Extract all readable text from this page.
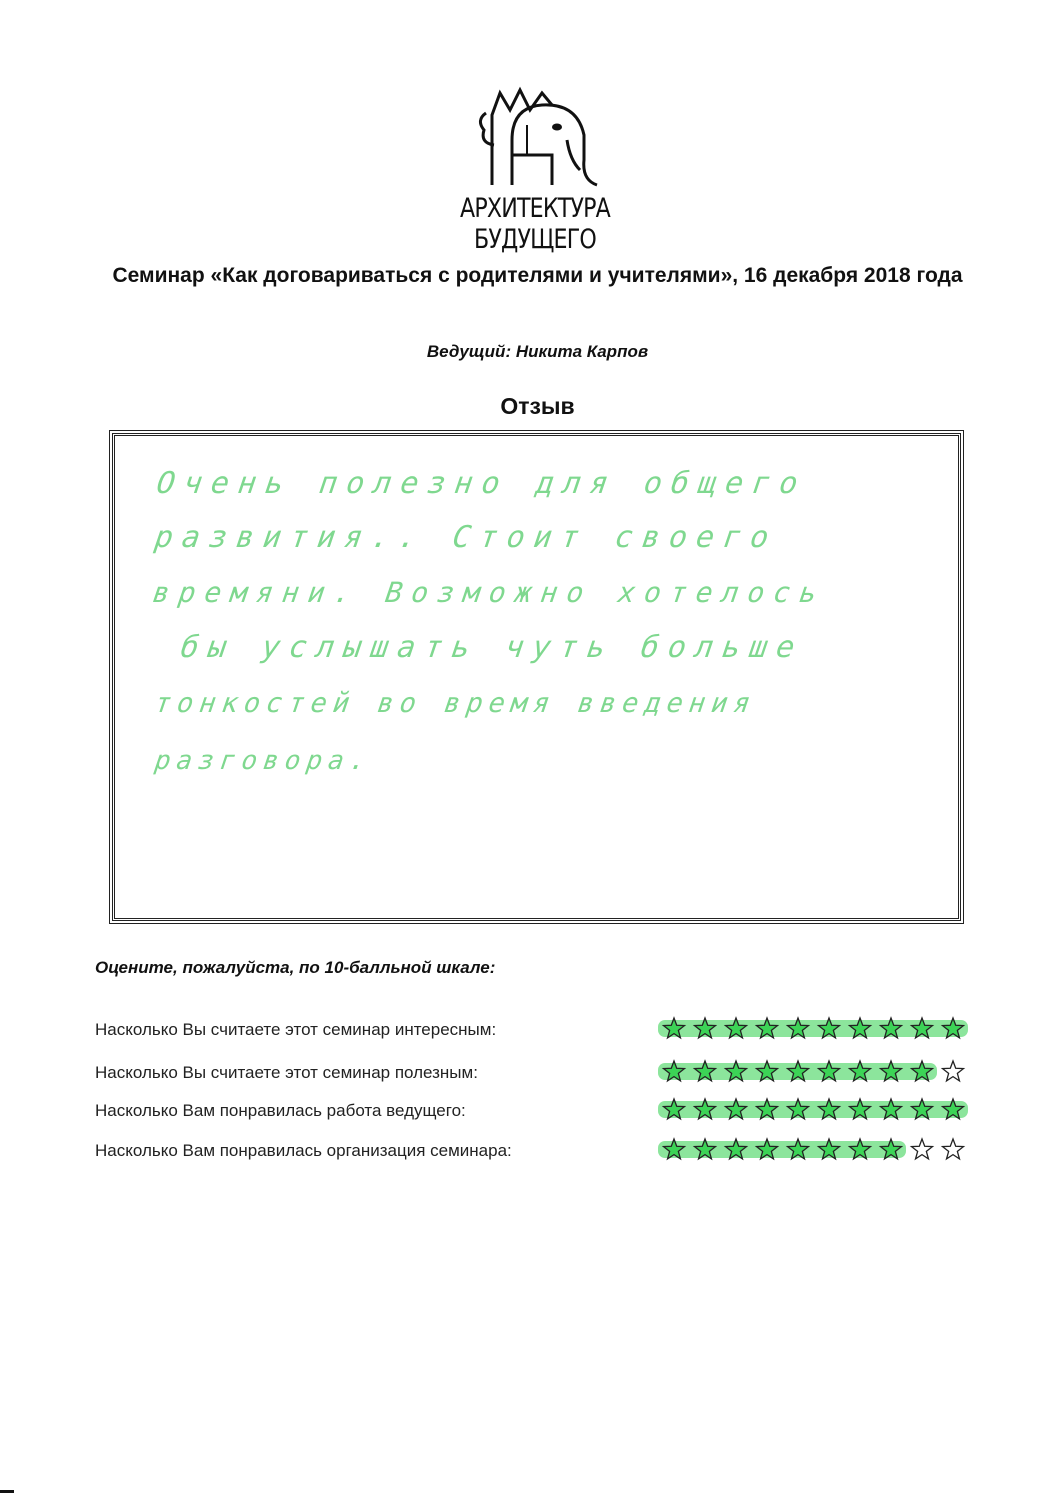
АРХИТЕКТУРА БУДУЩЕГО
Семинар «Как договариваться с родителями и учителями», 16 декабря 2018 года
Ведущий: Никита Карпов
Отзыв
Очень полезно для общего
развития.. Стоит своего
времяни. Возможно хотелось
бы услышать чуть больше
тонкостей во время введения
разговора.
Оцените, пожалуйста, по 10-балльной шкале:
Насколько Вы считаете этот семинар интересным:
Насколько Вы считаете этот семинар полезным:
Насколько Вам понравилась работа ведущего:
Насколько Вам понравилась организация семинара:
